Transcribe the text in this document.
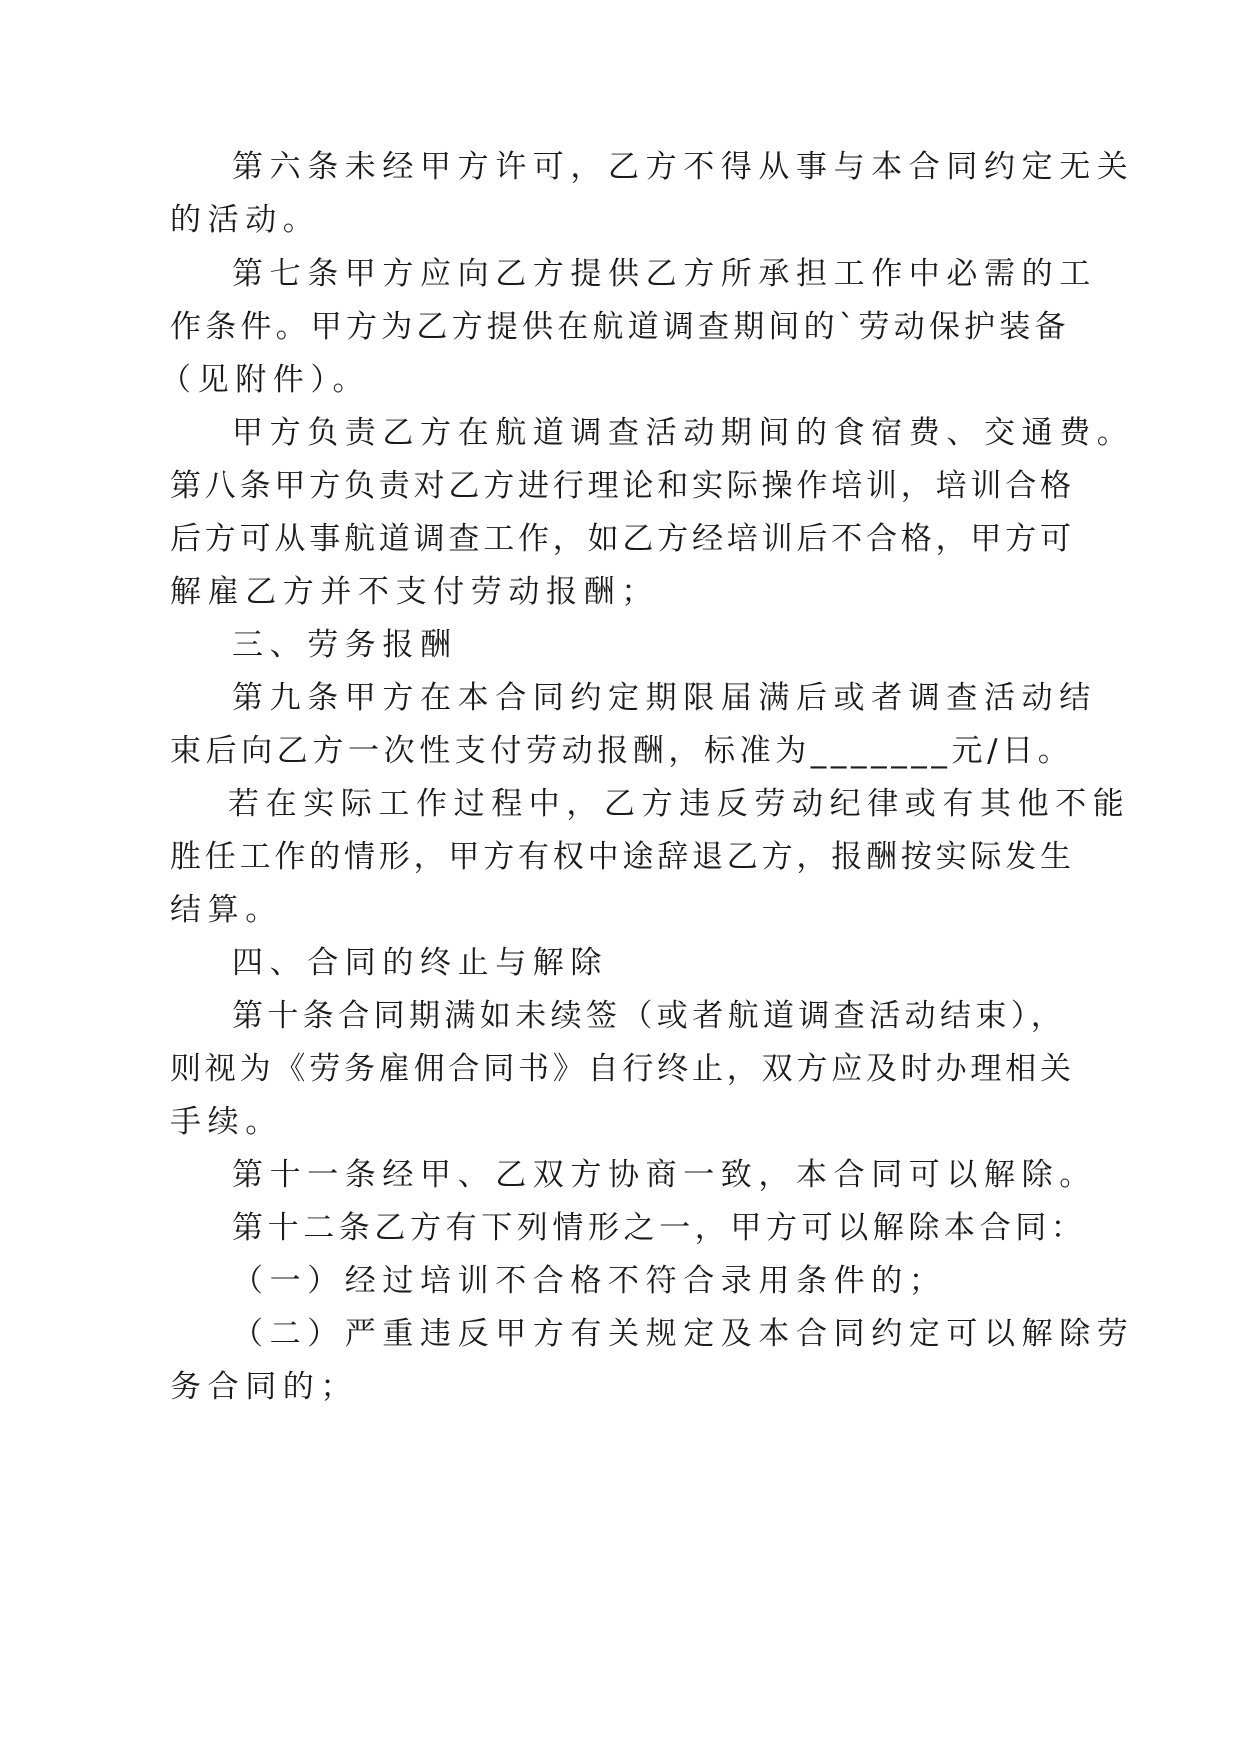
第六条未经甲方许可，乙方不得从事与本合同约定无关
的活动。
第七条甲方应向乙方提供乙方所承担工作中必需的工
作条件。甲方为乙方提供在航道调查期间的`劳动保护装备
（见附件）。
甲方负责乙方在航道调查活动期间的食宿费、交通费。
第八条甲方负责对乙方进行理论和实际操作培训，培训合格
后方可从事航道调查工作，如乙方经培训后不合格，甲方可
解雇乙方并不支付劳动报酬；
三、劳务报酬
第九条甲方在本合同约定期限届满后或者调查活动结
束后向乙方一次性支付劳动报酬，标准为_______元/日。
若在实际工作过程中，乙方违反劳动纪律或有其他不能
胜任工作的情形，甲方有权中途辞退乙方，报酬按实际发生
结算。
四、合同的终止与解除
第十条合同期满如未续签（或者航道调查活动结束），
则视为《劳务雇佣合同书》自行终止，双方应及时办理相关
手续。
第十一条经甲、乙双方协商一致，本合同可以解除。
第十二条乙方有下列情形之一，甲方可以解除本合同：
（一）经过培训不合格不符合录用条件的；
（二）严重违反甲方有关规定及本合同约定可以解除劳
务合同的；
